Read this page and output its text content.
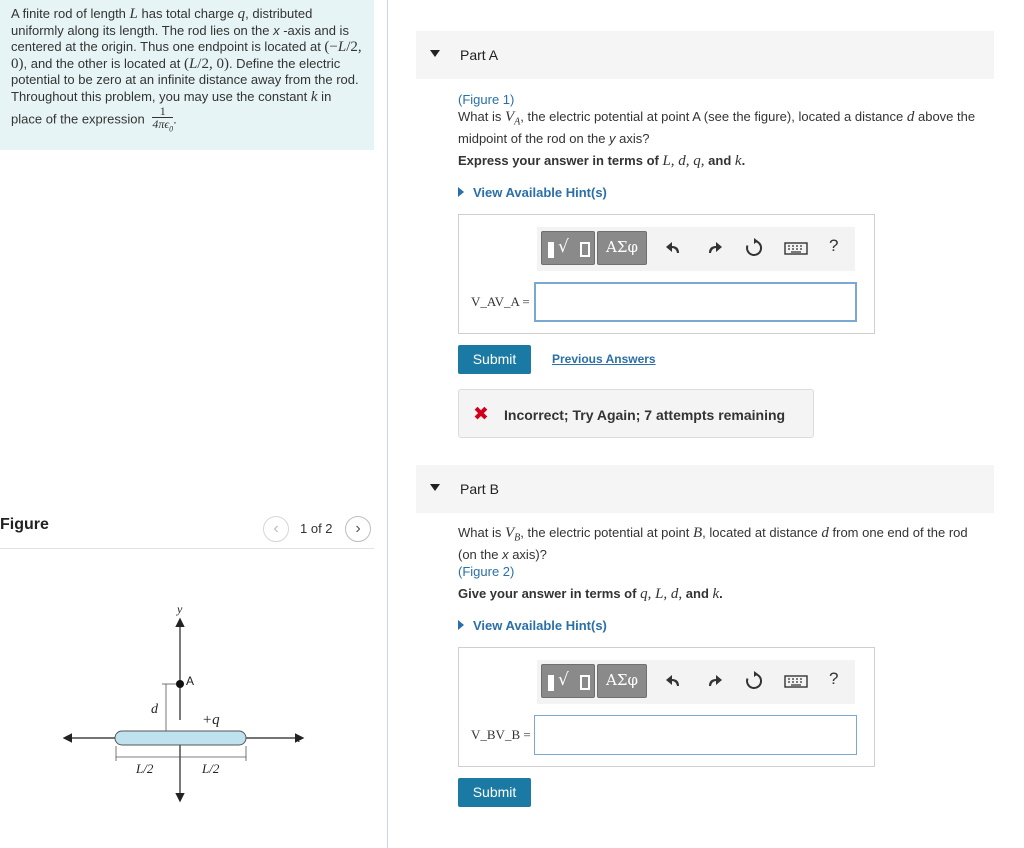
A finite rod of length L has total charge q, distributed uniformly along its length. The rod lies on the x -axis and is centered at the origin. Thus one endpoint is located at (−L/2, 0), and the other is located at (L/2, 0). Define the electric potential to be zero at an infinite distance away from the rod. Throughout this problem, you may use the constant k in place of the expression $\frac{1}{4\pi\epsilon_0}$ .
Figure	‹	1 of 2	›
A
d
+q
y
x
L/2	L/2
Part A
(Figure 1)
What is $V_A$, the electric potential at point A (see the figure), located a distance d above the midpoint of the rod on the y axis?
Express your answer in terms of L, d, q, and k.
View Available Hint(s)
√	ΑΣφ	?
V_AV_A =
Submit	Previous Answers
✖ Incorrect; Try Again; 7 attempts remaining
Part B
What is $V_B$, the electric potential at point B, located at distance d from one end of the rod (on the x axis)?
(Figure 2)
Give your answer in terms of q, L, d, and k.
View Available Hint(s)
√	ΑΣφ	?
V_BV_B =
Submit
